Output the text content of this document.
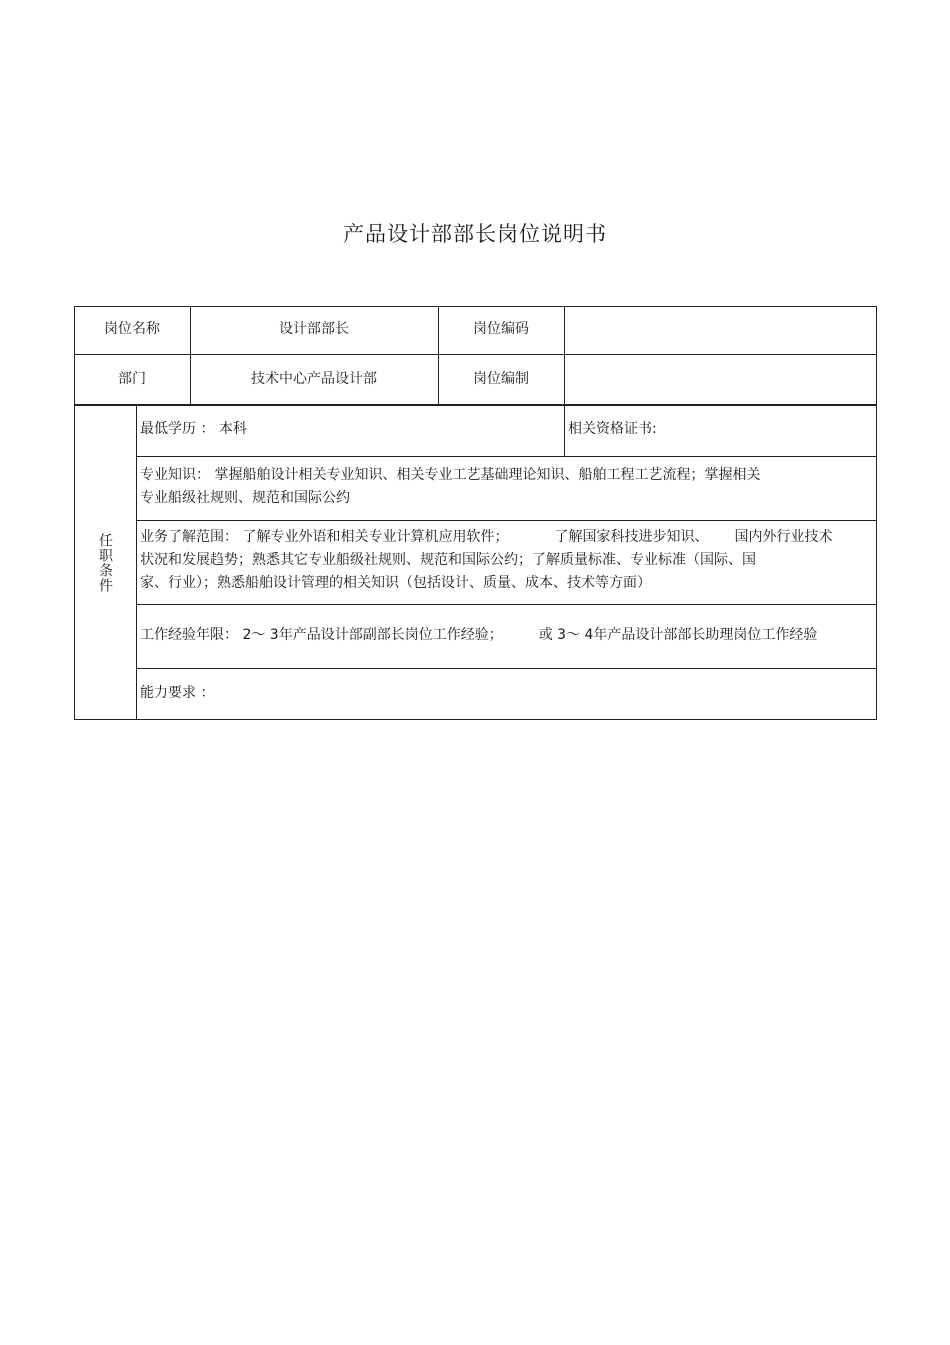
产品设计部部长岗位说明书
岗位名称	设计部部长	岗位编码
部门	技术中心产品设计部	岗位编制
任职条件
最低学历 ： 本科	相关资格证书:
专业知识： 掌握船舶设计相关专业知识、相关专业工艺基础理论知识、船舶工程工艺流程；掌握相关
专业船级社规则、规范和国际公约
业务了解范围： 了解专业外语和相关专业计算机应用软件；	了解国家科技进步知识、 国内外行业技术
状况和发展趋势；熟悉其它专业船级社规则、规范和国际公约；了解质量标准、专业标准（国际、国
家、行业）；熟悉船舶设计管理的相关知识（包括设计、质量、成本、技术等方面）
工作经验年限： 2～ 3年产品设计部副部长岗位工作经验；	或 3～ 4年产品设计部部长助理岗位工作经验
能力要求 ：
